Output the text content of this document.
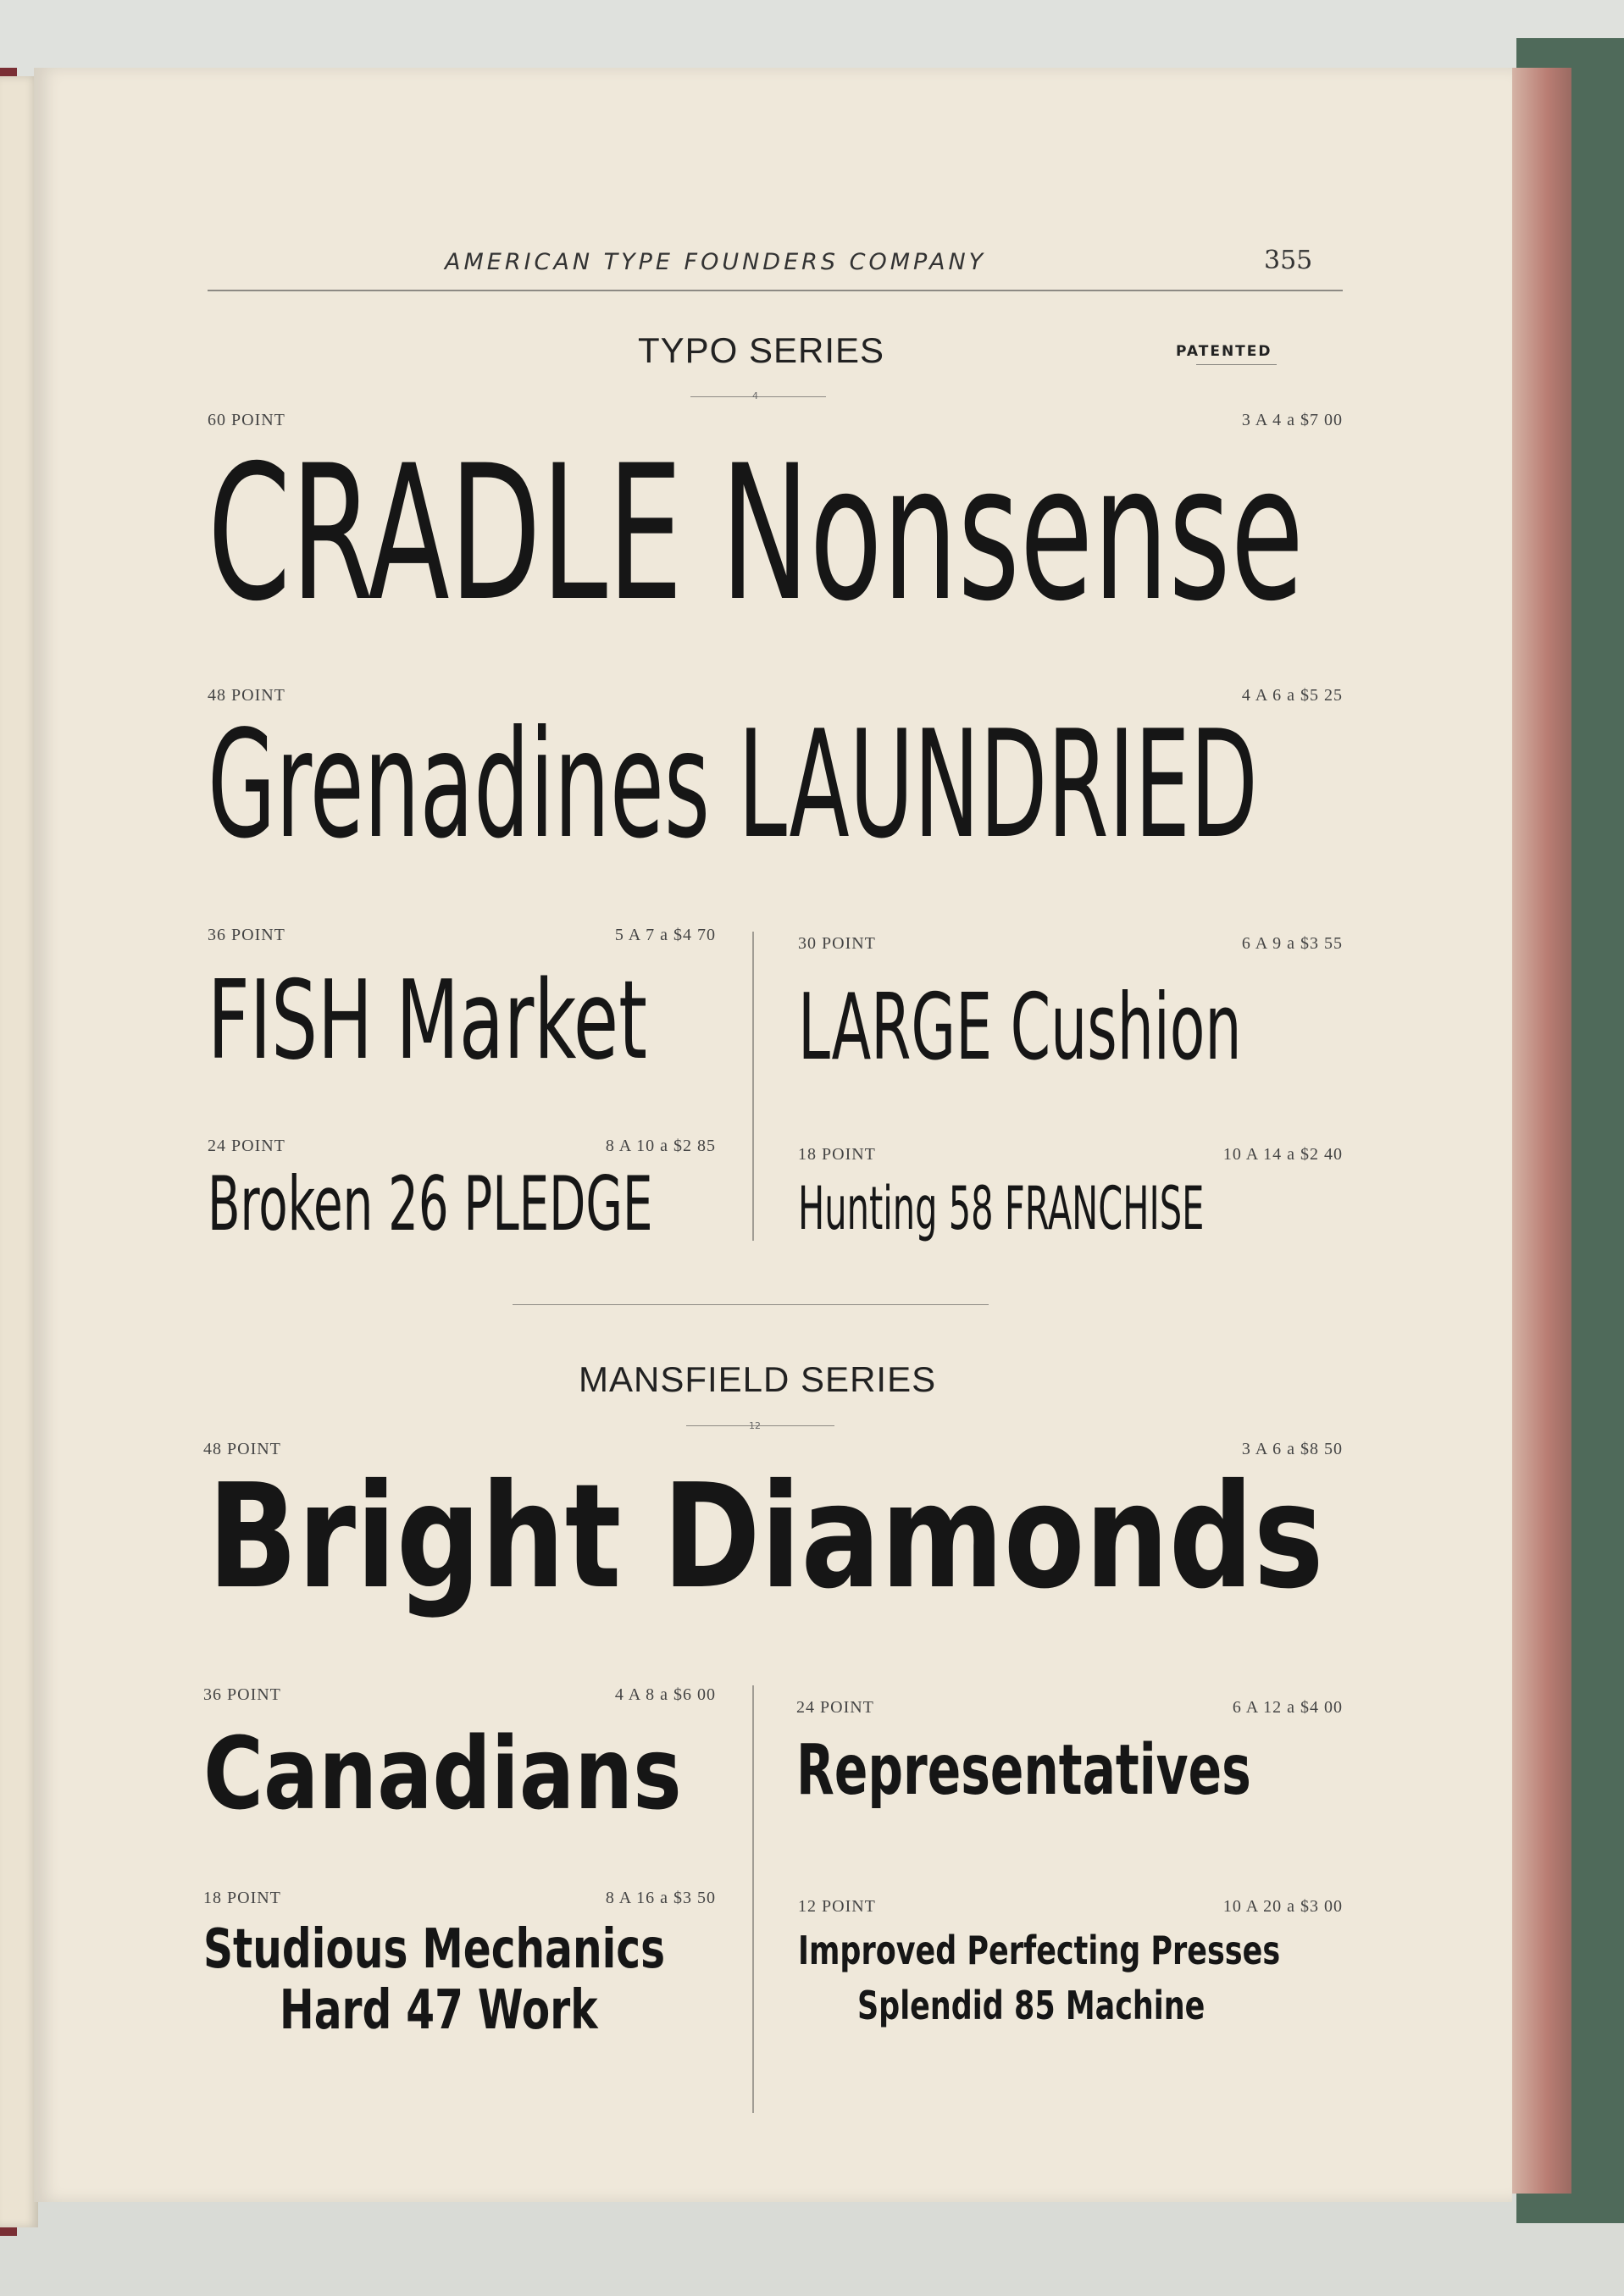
AMERICAN TYPE FOUNDERS COMPANY	355
TYPO SERIES	PATENTED
4
60 POINT	3 A 4 a $7 00
CRADLE Nonsense
48 POINT	4 A 6 a $5 25
Grenadines LAUNDRIED
36 POINT	5 A 7 a $4 70
FISH Market
30 POINT	6 A 9 a $3 55
LARGE Cushion
24 POINT	8 A 10 a $2 85
Broken 26 PLEDGE
18 POINT	10 A 14 a $2 40
Hunting 58 FRANCHISE
MANSFIELD SERIES
12
48 POINT	3 A 6 a $8 50
Bright Diamonds
36 POINT	4 A 8 a $6 00
Canadians
24 POINT	6 A 12 a $4 00
Representatives
18 POINT	8 A 16 a $3 50
Studious Mechanics
Hard 47 Work
12 POINT	10 A 20 a $3 00
Improved Perfecting Presses
Splendid 85 Machine
